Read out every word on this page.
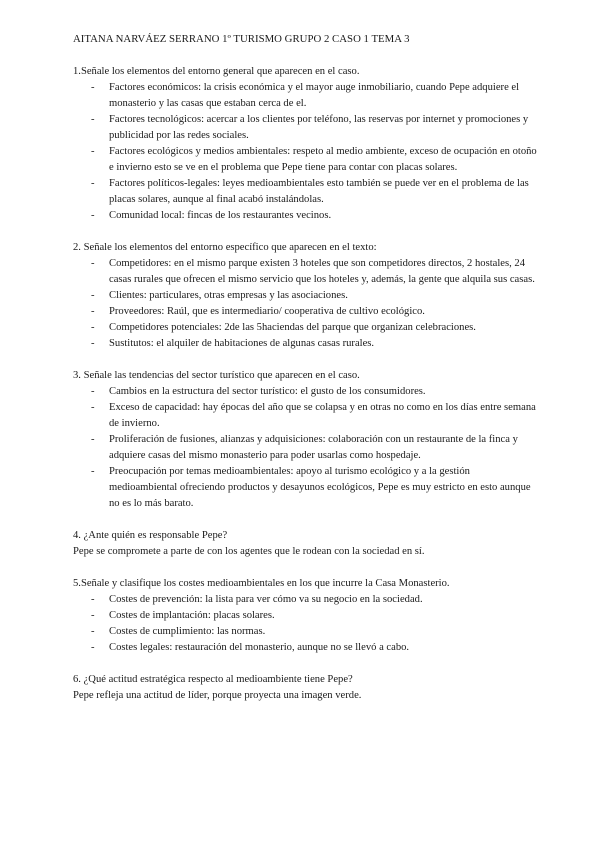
AITANA NARVÁEZ SERRANO 1º TURISMO GRUPO 2 CASO 1 TEMA 3

1.Señale los elementos del entorno general que aparecen en el caso.

- Factores económicos: la crisis económica y el mayor auge inmobiliario, cuando Pepe adquiere el monasterio y las casas que estaban cerca de el.
- Factores tecnológicos: acercar a los clientes por teléfono, las reservas por internet y promociones y publicidad por las redes sociales.
- Factores ecológicos y medios ambientales: respeto al medio ambiente, exceso de ocupación en otoño e invierno esto se ve en el problema que Pepe tiene para contar con placas solares.
- Factores políticos-legales: leyes medioambientales esto también se puede ver en el problema de las placas solares, aunque al final acabó instalándolas.
- Comunidad local: fincas de los restaurantes vecinos.

2. Señale los elementos del entorno específico que aparecen en el texto:

- Competidores: en el mismo parque existen 3 hoteles que son competidores directos, 2 hostales, 24 casas rurales que ofrecen el mismo servicio que los hoteles y, además, la gente que alquila sus casas.
- Clientes: particulares, otras empresas y las asociaciones.
- Proveedores: Raúl, que es intermediario/ cooperativa de cultivo ecológico.
- Competidores potenciales: 2de las 5haciendas del parque que organizan celebraciones.
- Sustitutos: el alquiler de habitaciones de algunas casas rurales.

3. Señale las tendencias del sector turístico que aparecen en el caso.

- Cambios en la estructura del sector turístico: el gusto de los consumidores.
- Exceso de capacidad: hay épocas del año que se colapsa y en otras no como en los días entre semana de invierno.
- Proliferación de fusiones, alianzas y adquisiciones: colaboración con un restaurante de la finca y adquiere casas del mismo monasterio para poder usarlas como hospedaje.
- Preocupación por temas medioambientales: apoyo al turismo ecológico y a la gestión medioambiental ofreciendo productos y desayunos ecológicos, Pepe es muy estricto en esto aunque no es lo más barato.

4. ¿Ante quién es responsable Pepe?

Pepe se compromete a parte de con los agentes que le rodean con la sociedad en sí.

5.Señale y clasifique los costes medioambientales en los que incurre la Casa Monasterio.

- Costes de prevención: la lista para ver cómo va su negocio en la sociedad.
- Costes de implantación: placas solares.
- Costes de cumplimiento: las normas.
- Costes legales: restauración del monasterio, aunque no se llevó a cabo.

6. ¿Qué actitud estratégica respecto al medioambiente tiene Pepe?

Pepe refleja una actitud de líder, porque proyecta una imagen verde.
